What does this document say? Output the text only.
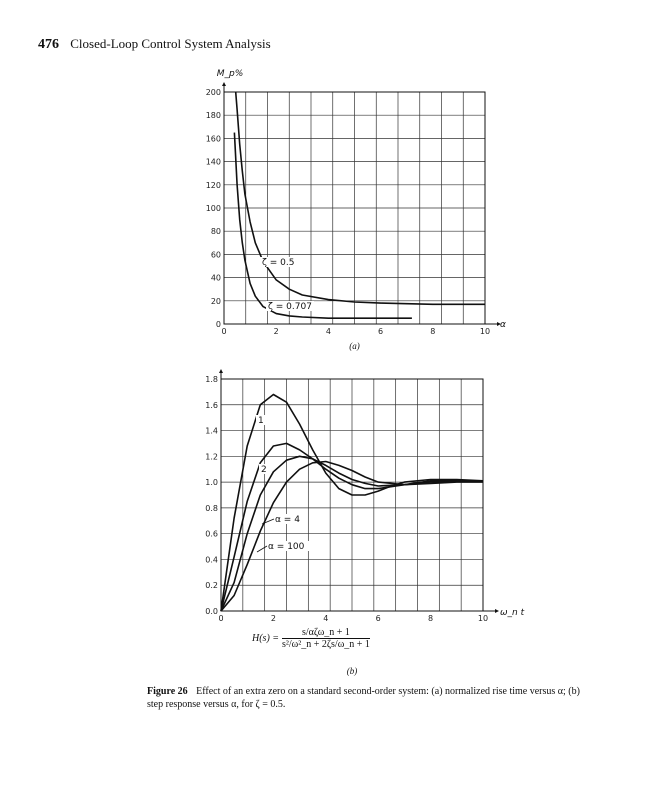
476 Closed-Loop Control System Analysis
0
20
40
60
80
100
120
140
160
180
200
0	2	4	6	8	10
M_p%
α
(a)
ζ = 0.5
ζ = 0.707
0.0
0.2
0.4
0.6
0.8
1.0
1.2
1.4
1.6
1.8
0	2	4	6	8	10
ω_n t
(b)
1
2
α = 4
α = 100
H(s) =
s/αζω_n + 1
s²/ω²_n + 2ζs/ω_n + 1
Figure 26 Effect of an extra zero on a standard second-order system: (a) normalized rise time versus α; (b) step response versus α, for ζ = 0.5.
